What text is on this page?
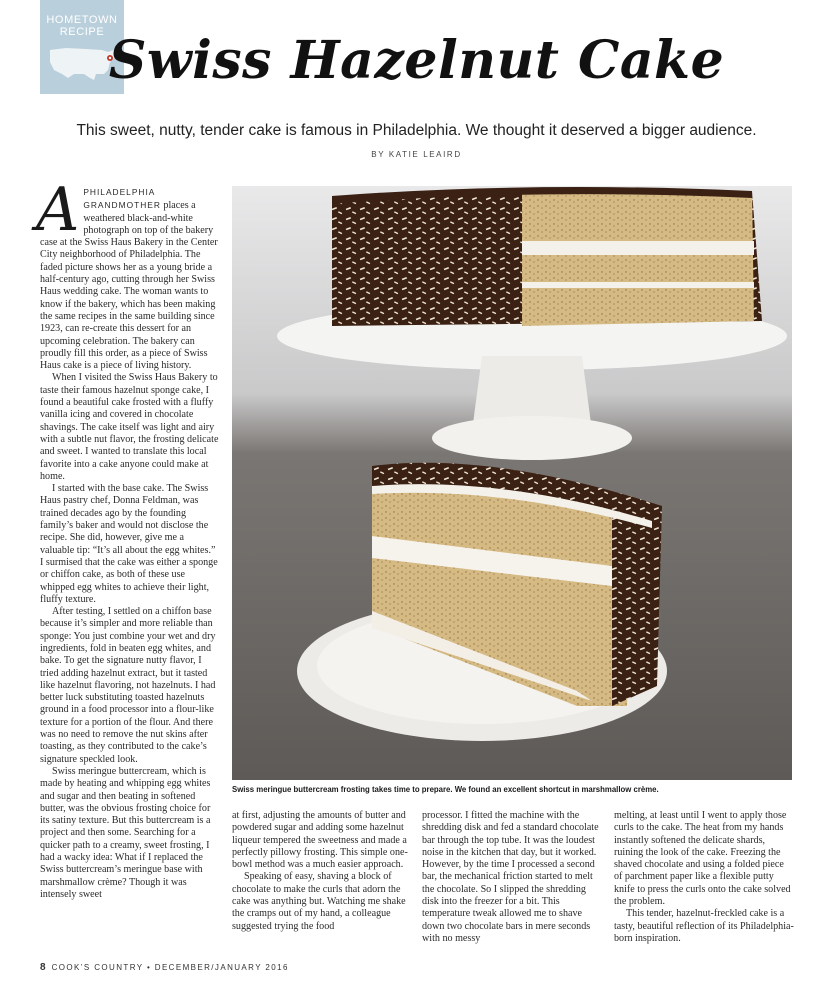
HOMETOWN
RECIPE Swiss Hazelnut Cake
This sweet, nutty, tender cake is famous in Philadelphia. We thought it deserved a bigger audience.
BY KATIE LEAIRD

APHILADELPHIA GRANDMOTHER places a weathered black-and-white photograph on top of the bakery case at the Swiss Haus Bakery in the Center City neighborhood of Philadelphia. The faded picture shows her as a young bride a half-century ago, cutting through her Swiss Haus wedding cake. The woman wants to know if the bakery, which has been making the same recipes in the same building since 1923, can re-create this dessert for an upcoming celebration. The bakery can proudly fill this order, as a piece of Swiss Haus cake is a piece of living history.

When I visited the Swiss Haus Bakery to taste their famous hazelnut sponge cake, I found a beautiful cake frosted with a fluffy vanilla icing and covered in chocolate shavings. The cake itself was light and airy with a subtle nut flavor, the frosting delicate and sweet. I wanted to translate this local favorite into a cake anyone could make at home.

I started with the base cake. The Swiss Haus pastry chef, Donna Feldman, was trained decades ago by the founding family’s baker and would not disclose the recipe. She did, however, give me a valuable tip: “It’s all about the egg whites.” I surmised that the cake was either a sponge or chiffon cake, as both of these use whipped egg whites to achieve their light, fluffy texture.

After testing, I settled on a chiffon base because it’s simpler and more reliable than sponge: You just combine your wet and dry ingredients, fold in beaten egg whites, and bake. To get the signature nutty flavor, I tried adding hazelnut extract, but it tasted like hazelnut flavoring, not hazelnuts. I had better luck substituting toasted hazelnuts ground in a food processor into a flour-like texture for a portion of the flour. And there was no need to remove the nut skins after toasting, as they contributed to the cake’s signature speckled look.

Swiss meringue buttercream, which is made by heating and whipping egg whites and sugar and then beating in softened butter, was the obvious frosting choice for its satiny texture. But this buttercream is a project and then some. Searching for a quicker path to a creamy, sweet frosting, I had a wacky idea: What if I replaced the Swiss buttercream’s meringue base with marshmallow crème? Though it was intensely sweet

Swiss meringue buttercream frosting takes time to prepare. We found an excellent shortcut in marshmallow crème.

at first, adjusting the amounts of butter and powdered sugar and adding some hazelnut liqueur tempered the sweetness and made a perfectly pillowy frosting. This simple one-bowl method was a much easier approach.

Speaking of easy, shaving a block of chocolate to make the curls that adorn the cake was anything but. Watching me shake the cramps out of my hand, a colleague suggested trying the food

processor. I fitted the machine with the shredding disk and fed a standard chocolate bar through the top tube. It was the loudest noise in the kitchen that day, but it worked. However, by the time I processed a second bar, the mechanical friction started to melt the chocolate. So I slipped the shredding disk into the freezer for a bit. This temperature tweak allowed me to shave down two chocolate bars in mere seconds with no messy

melting, at least until I went to apply those curls to the cake. The heat from my hands instantly softened the delicate shards, ruining the look of the cake. Freezing the shaved chocolate and using a folded piece of parchment paper like a flexible putty knife to press the curls onto the cake solved the problem.

This tender, hazelnut-freckled cake is a tasty, beautiful reflection of its Philadelphia-born inspiration.

8 COOK’S COUNTRY • DECEMBER/JANUARY 2016
